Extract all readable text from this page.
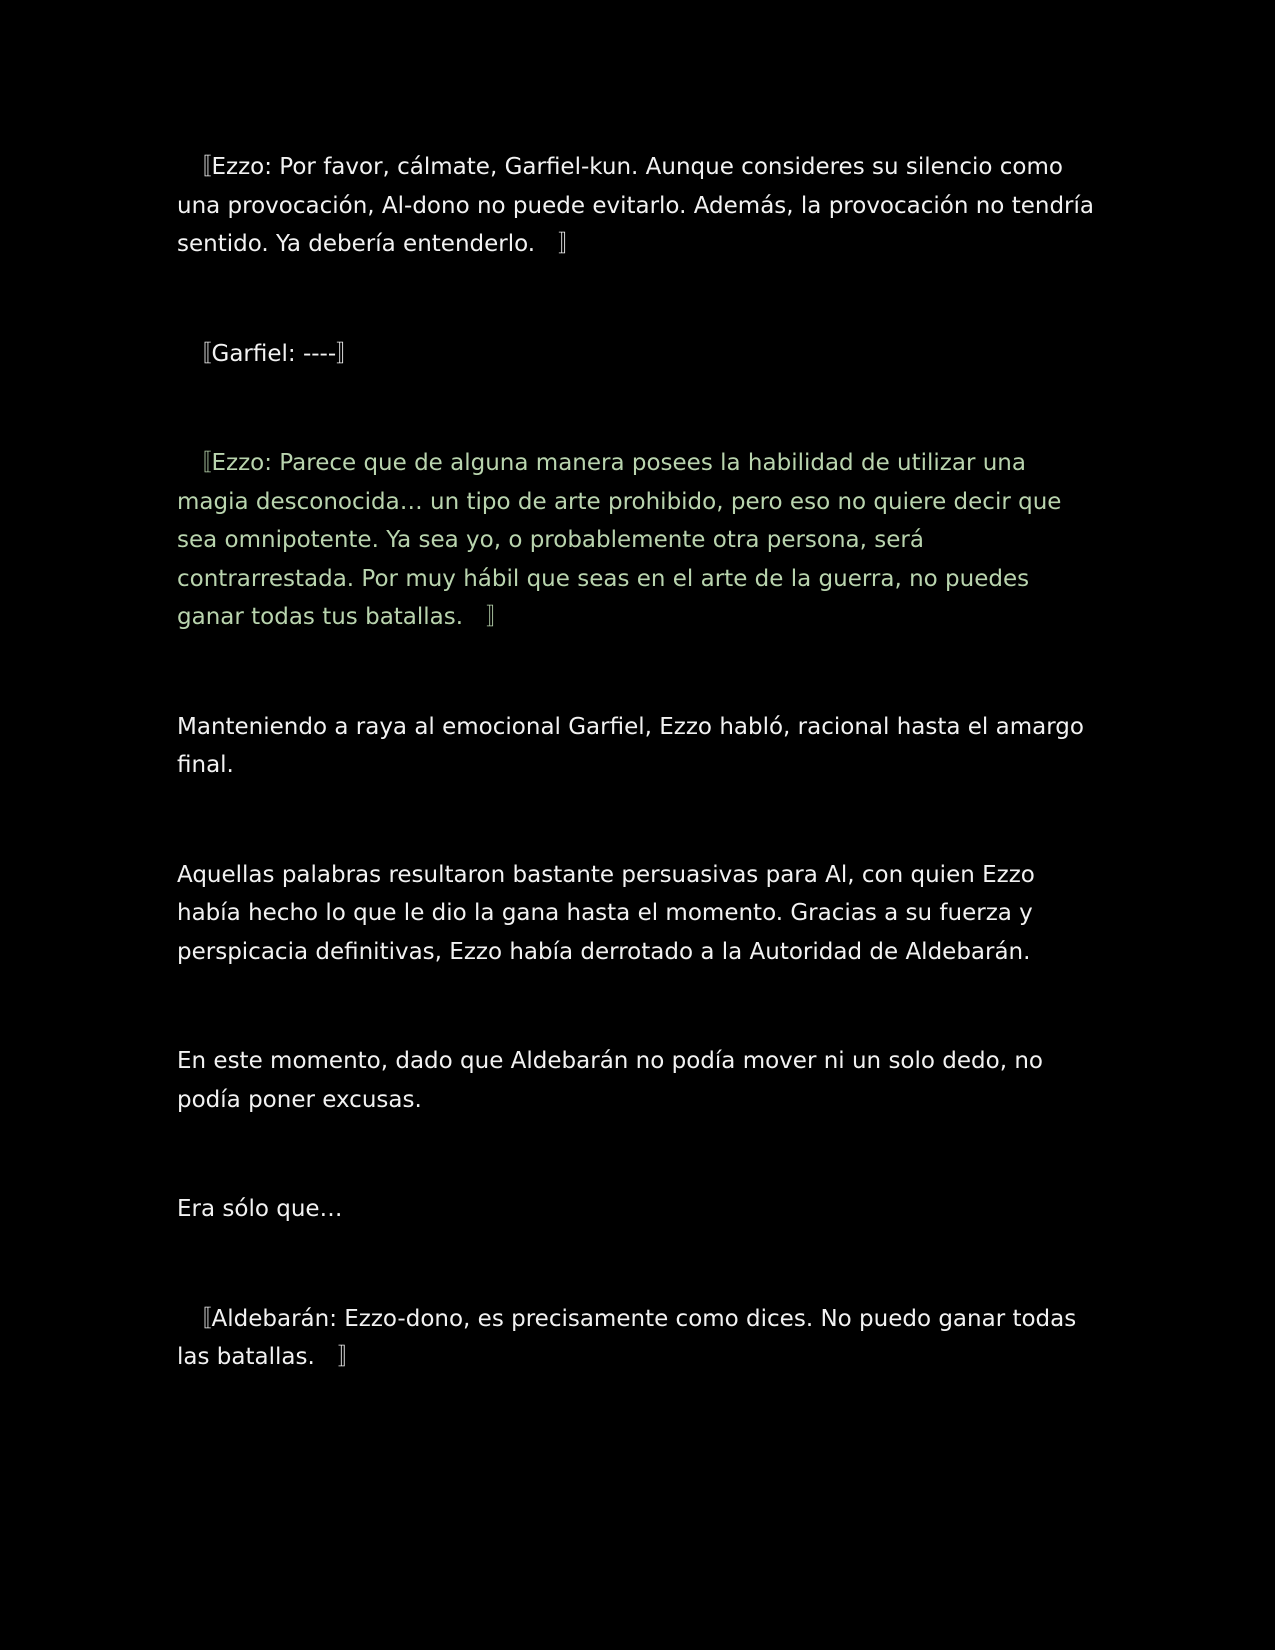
　〚Ezzo: Por favor, cálmate, Garfiel-kun. Aunque consideres su silencio como una provocación, Al-dono no puede evitarlo. Además, la provocación no tendría sentido. Ya debería entenderlo.　〛

　〚Garfiel: ----〛

　〚Ezzo: Parece que de alguna manera posees la habilidad de utilizar una magia desconocida… un tipo de arte prohibido, pero eso no quiere decir que sea omnipotente. Ya sea yo, o probablemente otra persona, será contrarrestada. Por muy hábil que seas en el arte de la guerra, no puedes ganar todas tus batallas.　〛

Manteniendo a raya al emocional Garfiel, Ezzo habló, racional hasta el amargo final.

Aquellas palabras resultaron bastante persuasivas para Al, con quien Ezzo había hecho lo que le dio la gana hasta el momento. Gracias a su fuerza y perspicacia definitivas, Ezzo había derrotado a la Autoridad de Aldebarán.

En este momento, dado que Aldebarán no podía mover ni un solo dedo, no podía poner excusas.

Era sólo que…

　〚Aldebarán: Ezzo-dono, es precisamente como dices. No puedo ganar todas las batallas.　〛
